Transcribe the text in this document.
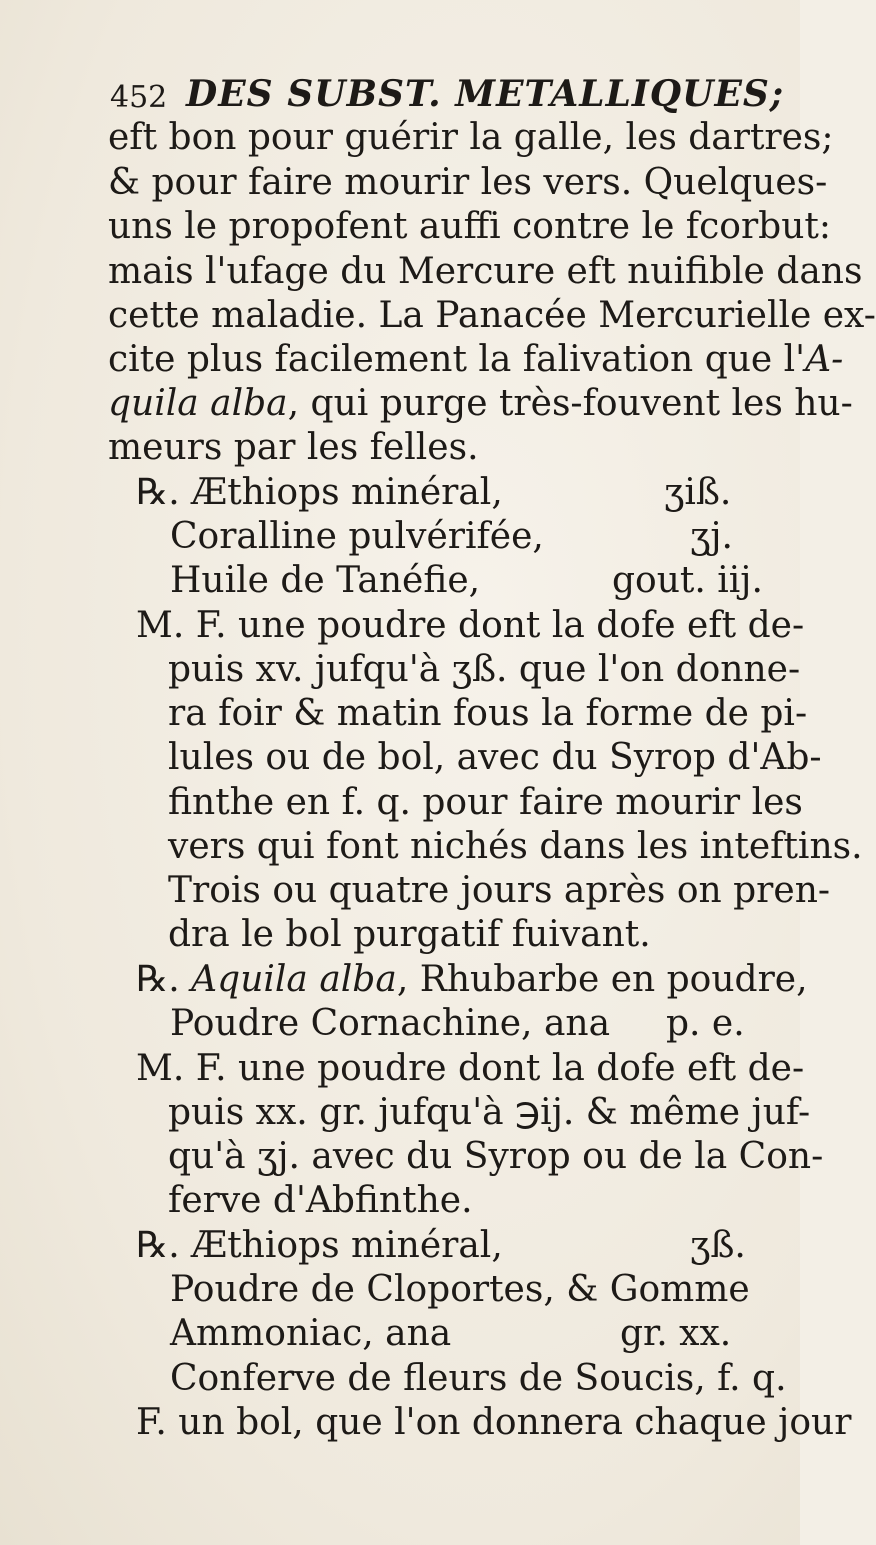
452 DES SUBST. METALLIQUES;
eft bon pour guérir la galle, les dartres;
& pour faire mourir les vers. Quelques-
uns le propofent auffi contre le fcorbut:
mais l'ufage du Mercure eft nuifible dans
cette maladie. La Panacée Mercurielle ex-
cite plus facilement la falivation que l'A-
quila alba, qui purge très-fouvent les hu-
meurs par les felles.
℞. Æthiops minéral,	ʒiß.
Coralline pulvérifée,	ʒj.
Huile de Tanéfie,	gout. iij.
M. F. une poudre dont la dofe eft de-
puis xv. jufqu'à ʒß. que l'on donne-
ra foir & matin fous la forme de pi-
lules ou de bol, avec du Syrop d'Ab-
finthe en f. q. pour faire mourir les
vers qui font nichés dans les inteftins.
Trois ou quatre jours après on pren-
dra le bol purgatif fuivant.
℞. Aquila alba, Rhubarbe en poudre,
Poudre Cornachine, ana p. e.
M. F. une poudre dont la dofe eft de-
puis xx. gr. jufqu'à ℈ij. & même juf-
qu'à ʒj. avec du Syrop ou de la Con-
ferve d'Abfinthe.
℞. Æthiops minéral,	ʒß.
Poudre de Cloportes, & Gomme
Ammoniac, ana	gr. xx.
Conferve de fleurs de Soucis, f. q.
F. un bol, que l'on donnera chaque jour
